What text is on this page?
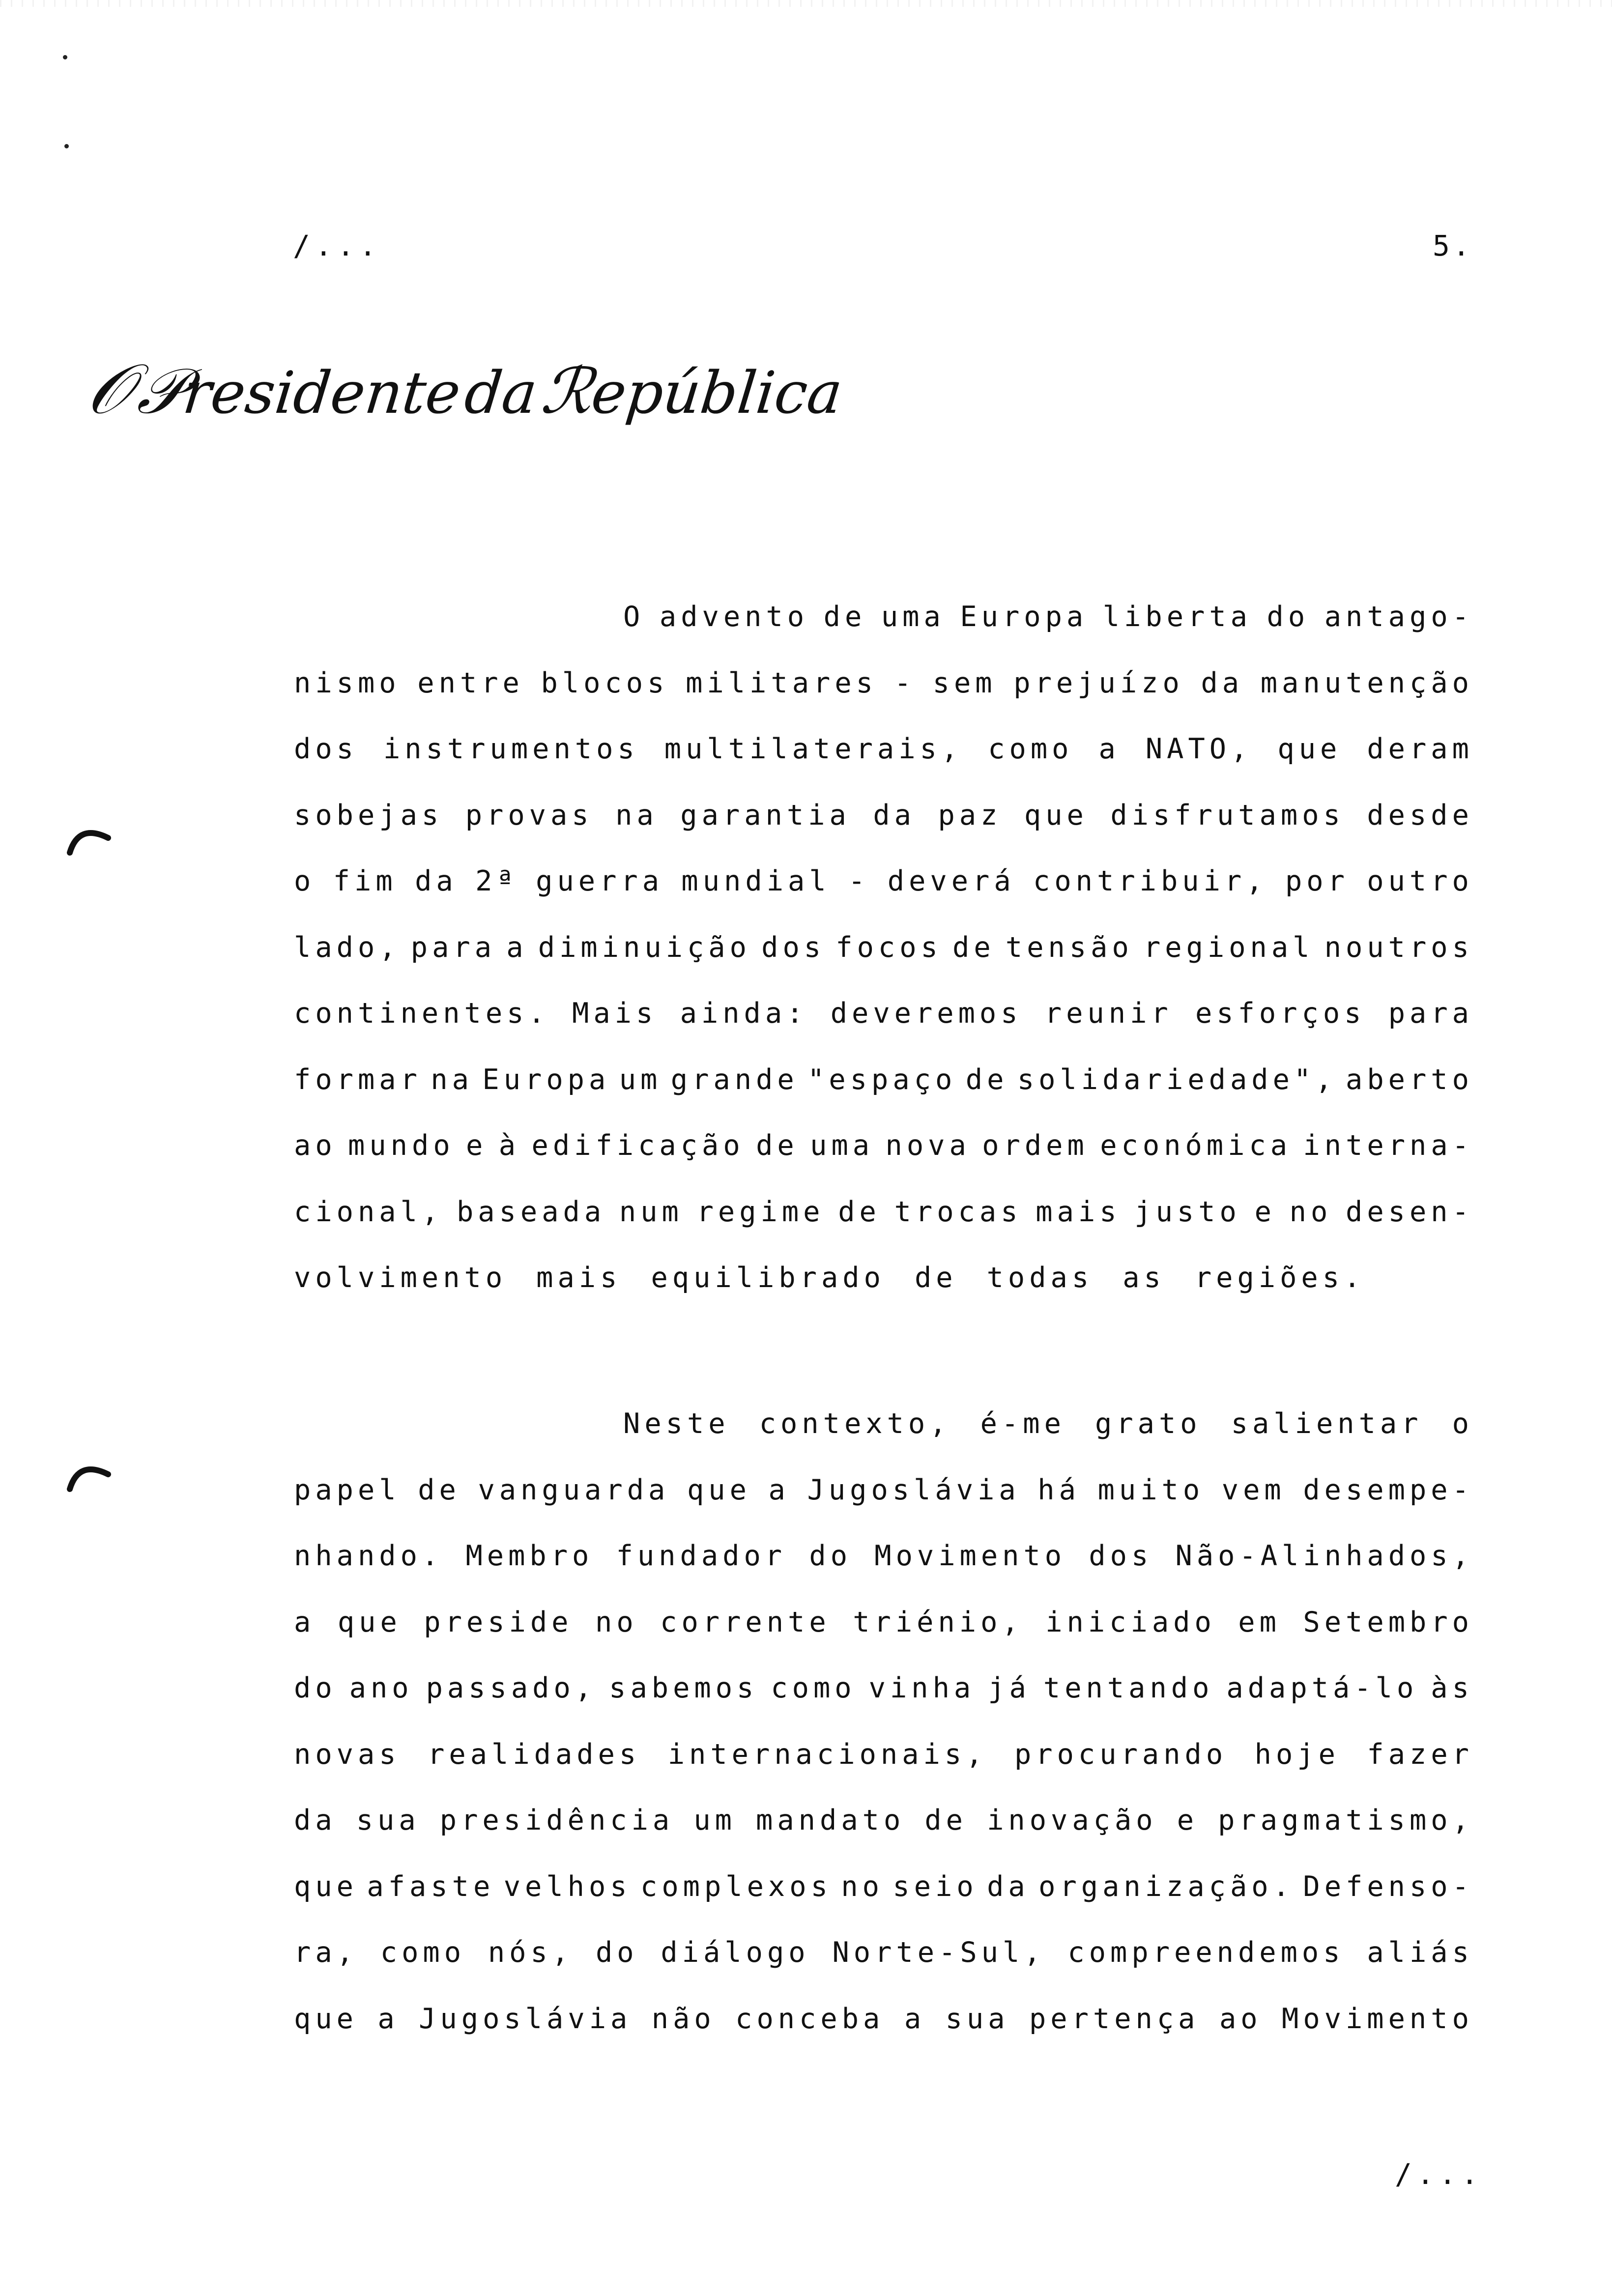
/...	5.
𝒪𝒫residentedaℛepública
O advento de uma Europa liberta do antago-
nismo entre blocos militares - sem prejuízo da manutenção
dos instrumentos multilaterais, como a NATO, que deram
sobejas provas na garantia da paz que disfrutamos desde
o fim da 2ª guerra mundial - deverá contribuir, por outro
lado, para a diminuição dos focos de tensão regional noutros
continentes. Mais ainda: deveremos reunir esforços para
formar na Europa um grande "espaço de solidariedade", aberto
ao mundo e à edificação de uma nova ordem económica interna-
cional, baseada num regime de trocas mais justo e no desen-
volvimento mais equilibrado de todas as regiões.
Neste contexto, é-me grato salientar o
papel de vanguarda que a Jugoslávia há muito vem desempe-
nhando. Membro fundador do Movimento dos Não-Alinhados,
a que preside no corrente triénio, iniciado em Setembro
do ano passado, sabemos como vinha já tentando adaptá-lo às
novas realidades internacionais, procurando hoje fazer
da sua presidência um mandato de inovação e pragmatismo,
que afaste velhos complexos no seio da organização. Defenso-
ra, como nós, do diálogo Norte-Sul, compreendemos aliás
que a Jugoslávia não conceba a sua pertença ao Movimento
/...
